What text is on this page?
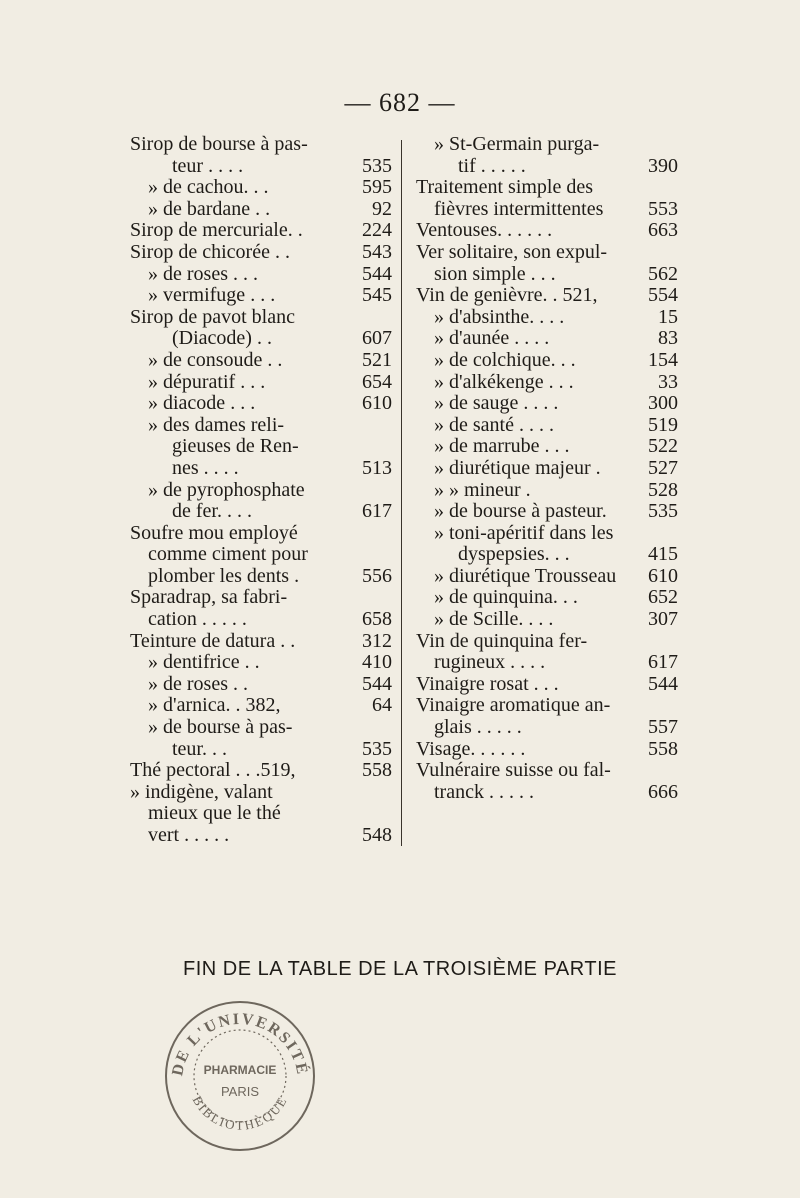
— 682 —
Sirop de bourse à pas-
teur . . . .	535
» de cachou. . .	595
» de bardane . .	92
Sirop de mercuriale. .	224
Sirop de chicorée . .	543
» de roses . . .	544
» vermifuge . . .	545
Sirop de pavot blanc
(Diacode) . .	607
» de consoude . .	521
» dépuratif . . .	654
» diacode . . .	610
» des dames reli-
gieuses de Ren-
nes . . . .	513
» de pyrophosphate
de fer. . . .	617
Soufre mou employé
comme ciment pour
plomber les dents .	556
Sparadrap, sa fabri-
cation . . . . .	658
Teinture de datura . .	312
» dentifrice . .	410
» de roses . .	544
» d'arnica. . 382,	64
» de bourse à pas-
teur. . .	535
Thé pectoral . . .519,	558
» indigène, valant
mieux que le thé
vert . . . . .	548
» St-Germain purga-
tif . . . . .	390
Traitement simple des
fièvres intermittentes 553
Ventouses. . . . . .	663
Ver solitaire, son expul-
sion simple . . .	562
Vin de genièvre. . 521,	554
» d'absinthe. . . .	15
» d'aunée . . . .	83
» de colchique. . .	154
» d'alkékenge . . .	33
» de sauge . . . .	300
» de santé . . . .	519
» de marrube . . .	522
» diurétique majeur . 527
» » mineur .	528
» de bourse à pasteur. 535
» toni-apéritif dans les
dyspepsies. . .	415
» diurétique Trousseau 610
» de quinquina. . .	652
» de Scille. . . .	307
Vin de quinquina fer-
rugineux . . . .	617
Vinaigre rosat . . .	544
Vinaigre aromatique an-
glais . . . . .	557
Visage. . . . . .	558
Vulnéraire suisse ou fal-
tranck . . . . .	666
FIN DE LA TABLE DE LA TROISIÈME PARTIE
DE L'UNIVERSITÉ
BIBLIOTHÈQUE
PHARMACIE
PARIS
